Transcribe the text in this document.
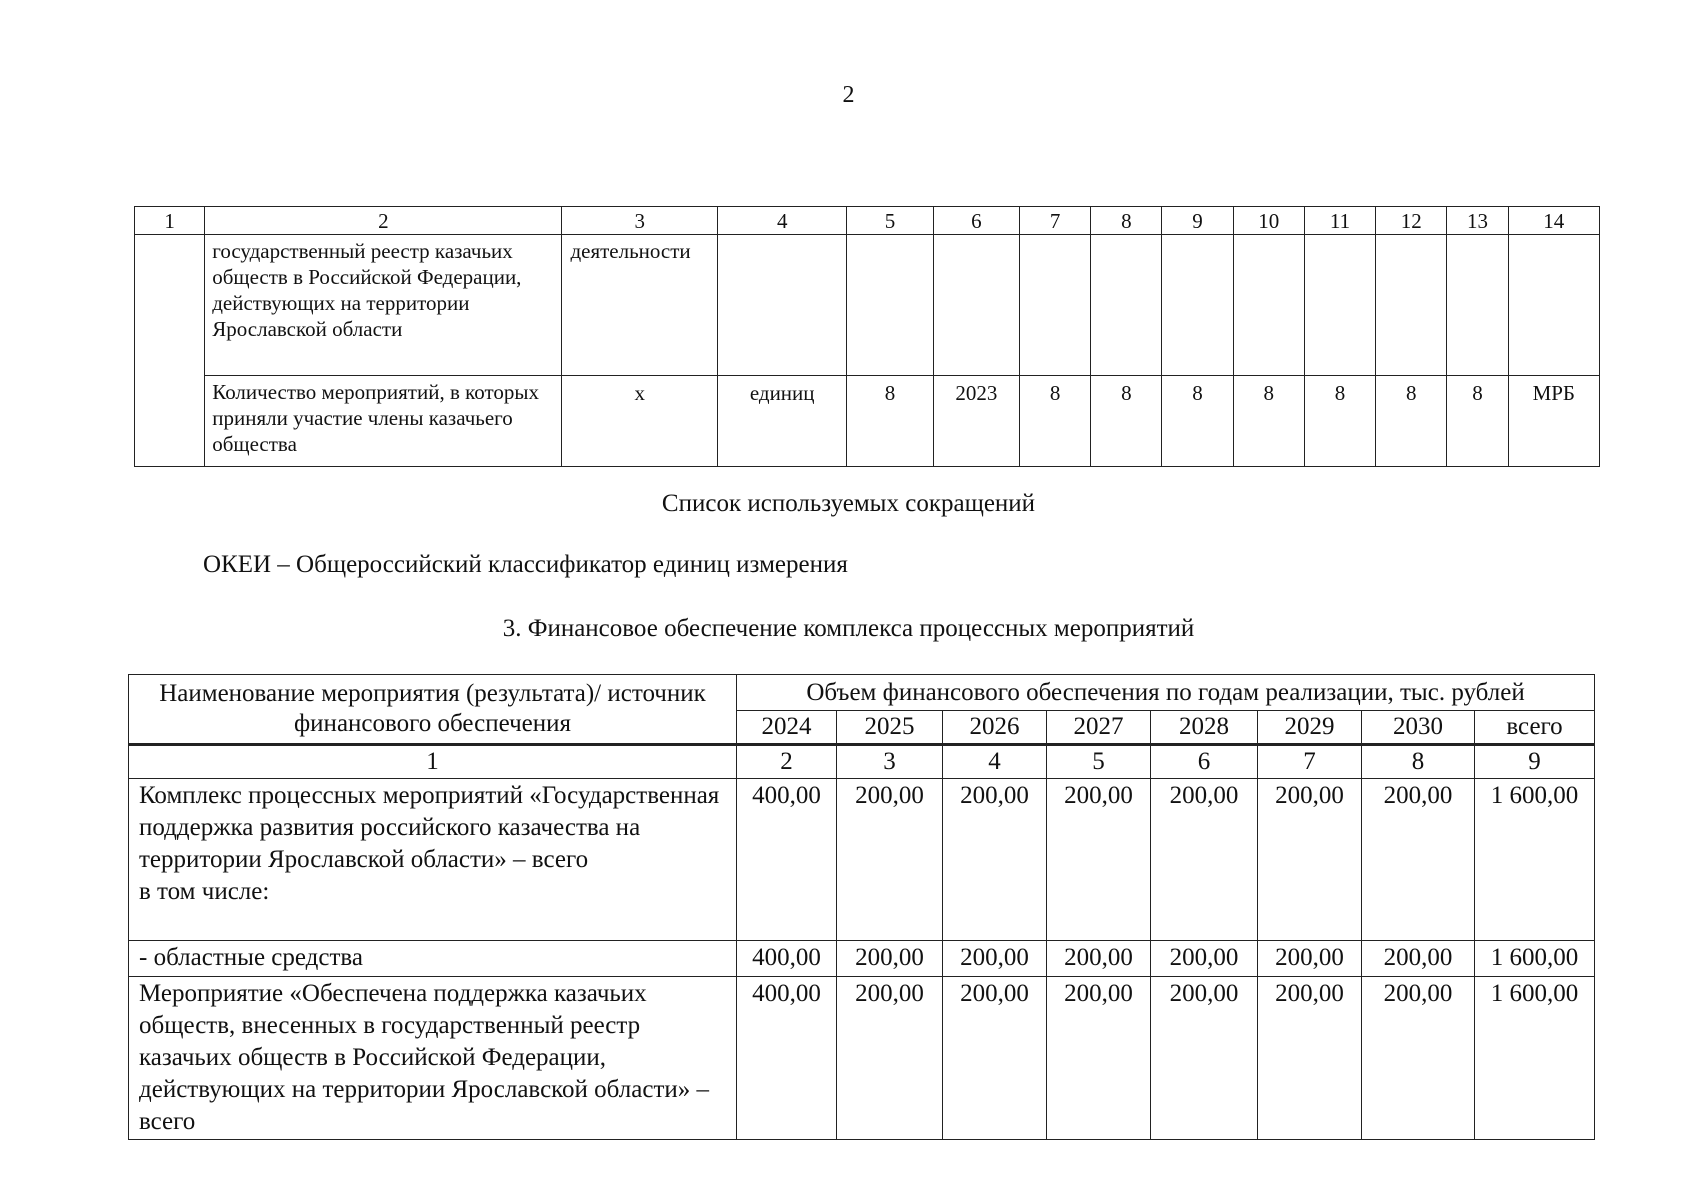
2
1	2	3	4	5	6	7	8	9	10	11	12	13	14
	государственный реестр казачьих обществ в Российской Федерации, действующих на территории Ярославской области	деятельности											
	Количество мероприятий, в которых приняли участие члены казачьего общества	х	единиц	8	2023	8	8	8	8	8	8	8	МРБ
Список используемых сокращений
ОКЕИ – Общероссийский классификатор единиц измерения
3. Финансовое обеспечение комплекса процессных мероприятий
Наименование мероприятия (результата)/ источник финансового обеспечения	Объем финансового обеспечения по годам реализации, тыс. рублей							
	2024	2025	2026	2027	2028	2029	2030	всего
1	2	3	4	5	6	7	8	9
Комплекс процессных мероприятий «Государственная поддержка развития российского казачества на территории Ярославской области» – всего
в том числе:	400,00	200,00	200,00	200,00	200,00	200,00	200,00	1 600,00
- областные средства	400,00	200,00	200,00	200,00	200,00	200,00	200,00	1 600,00
Мероприятие «Обеспечена поддержка казачьих обществ, внесенных в государственный реестр казачьих обществ в Российской Федерации, действующих на территории Ярославской области» – всего	400,00	200,00	200,00	200,00	200,00	200,00	200,00	1 600,00
